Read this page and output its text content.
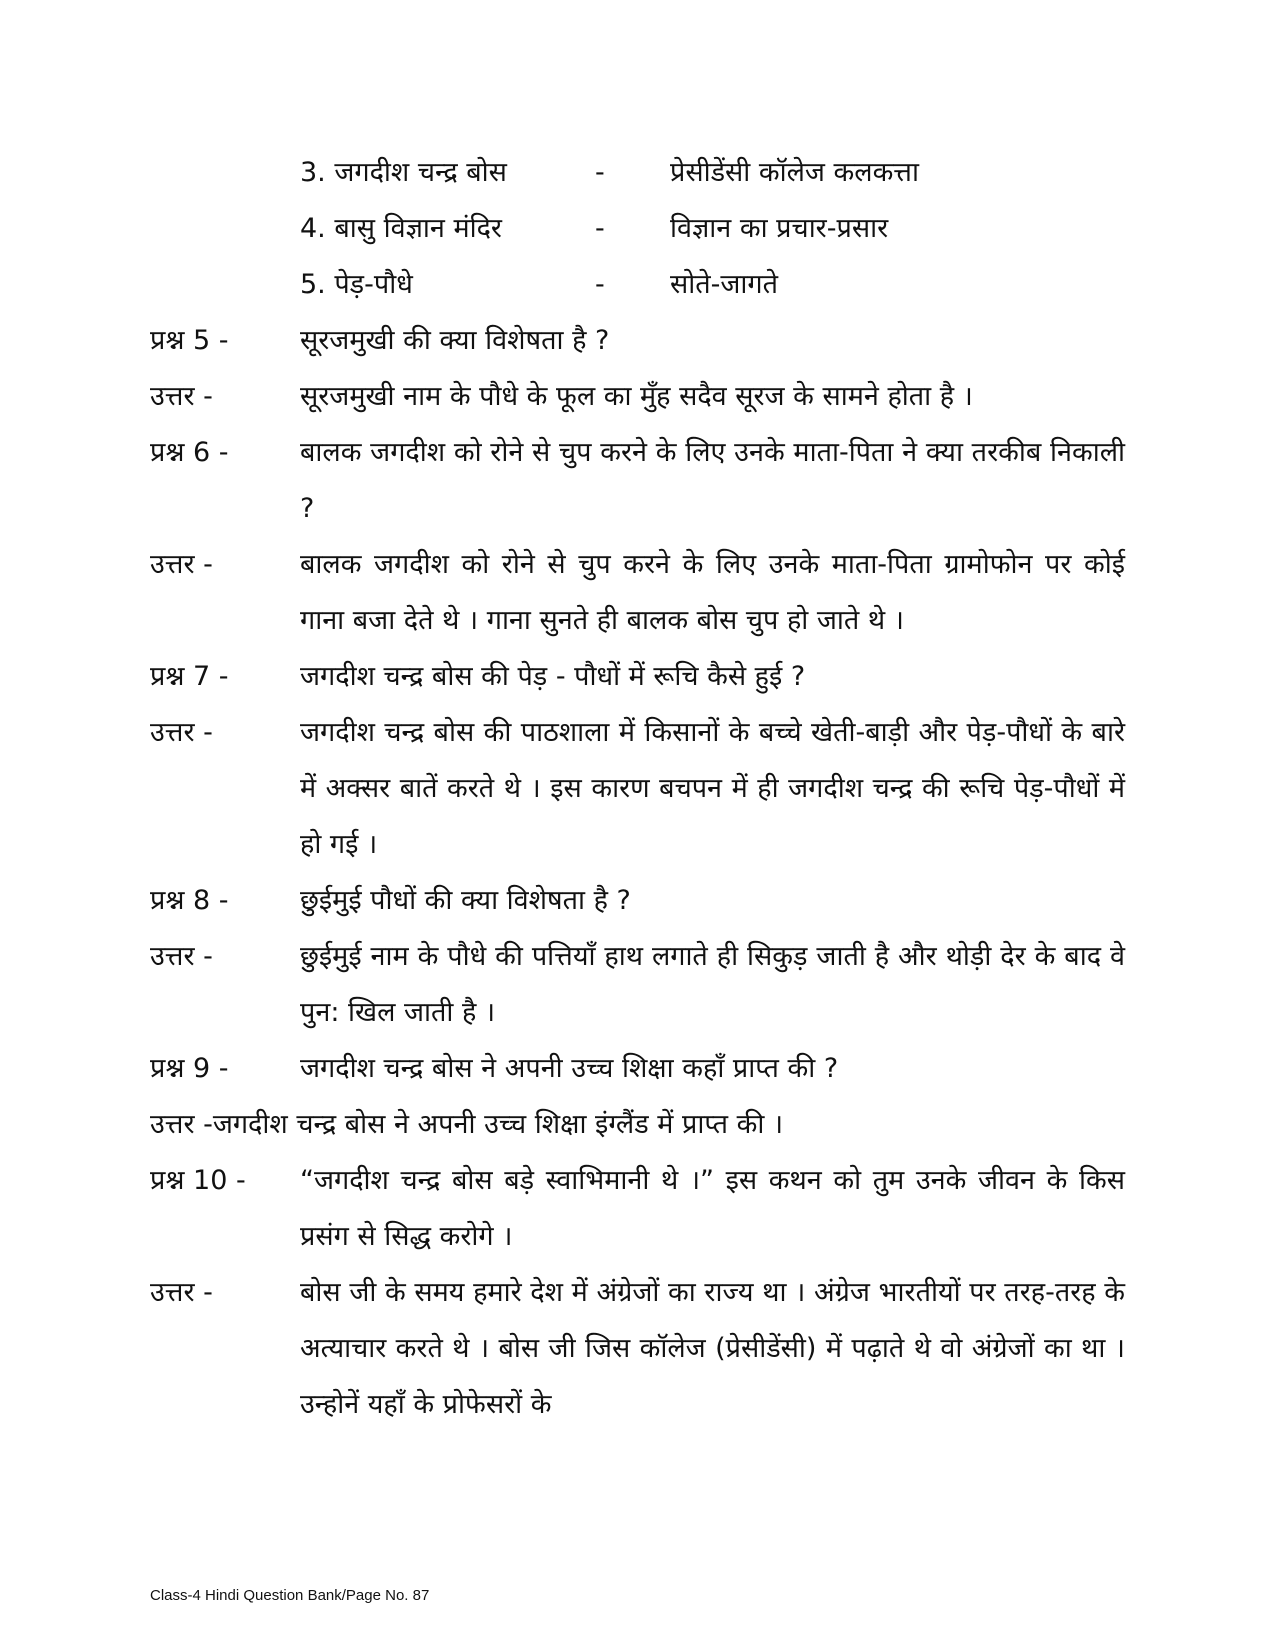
3. जगदीश चन्द्र बोस	- प्रेसीडेंसी कॉलेज कलकत्ता
4. बासु विज्ञान मंदिर	- विज्ञान का प्रचार-प्रसार
5. पेड़-पौधे	- सोते-जागते
प्रश्न 5 -	सूरजमुखी की क्या विशेषता है ?
उत्तर -	सूरजमुखी नाम के पौधे के फूल का मुँह सदैव सूरज के सामने होता है ।
प्रश्न 6 -	बालक जगदीश को रोने से चुप करने के लिए उनके माता-पिता ने क्या तरकीब निकाली ?
उत्तर -	बालक जगदीश को रोने से चुप करने के लिए उनके माता-पिता ग्रामोफोन पर कोई गाना बजा देते थे । गाना सुनते ही बालक बोस चुप हो जाते थे ।
प्रश्न 7 -	जगदीश चन्द्र बोस की पेड़ - पौधों में रूचि कैसे हुई ?
उत्तर -	जगदीश चन्द्र बोस की पाठशाला में किसानों के बच्चे खेती-बाड़ी और पेड़-पौधों के बारे में अक्सर बातें करते थे । इस कारण बचपन में ही जगदीश चन्द्र की रूचि पेड़-पौधों में हो गई ।
प्रश्न 8 -	छुईमुई पौधों की क्या विशेषता है ?
उत्तर -	छुईमुई नाम के पौधे की पत्तियाँ हाथ लगाते ही सिकुड़ जाती है और थोड़ी देर के बाद वे पुन: खिल जाती है ।
प्रश्न 9 -	जगदीश चन्द्र बोस ने अपनी उच्च शिक्षा कहाँ प्राप्त की ?
उत्तर -जगदीश चन्द्र बोस ने अपनी उच्च शिक्षा इंग्लैंड में प्राप्त की ।
प्रश्न 10 - “जगदीश चन्द्र बोस बड़े स्वाभिमानी थे ।” इस कथन को तुम उनके जीवन के किस प्रसंग से सिद्ध करोगे ।
उत्तर -	बोस जी के समय हमारे देश में अंग्रेजों का राज्य था । अंग्रेज भारतीयों पर तरह-तरह के अत्याचार करते थे । बोस जी जिस कॉलेज (प्रेसीडेंसी) में पढ़ाते थे वो अंग्रेजों का था । उन्होनें यहाँ के प्रोफेसरों के
Class-4 Hindi Question Bank/Page No. 87
